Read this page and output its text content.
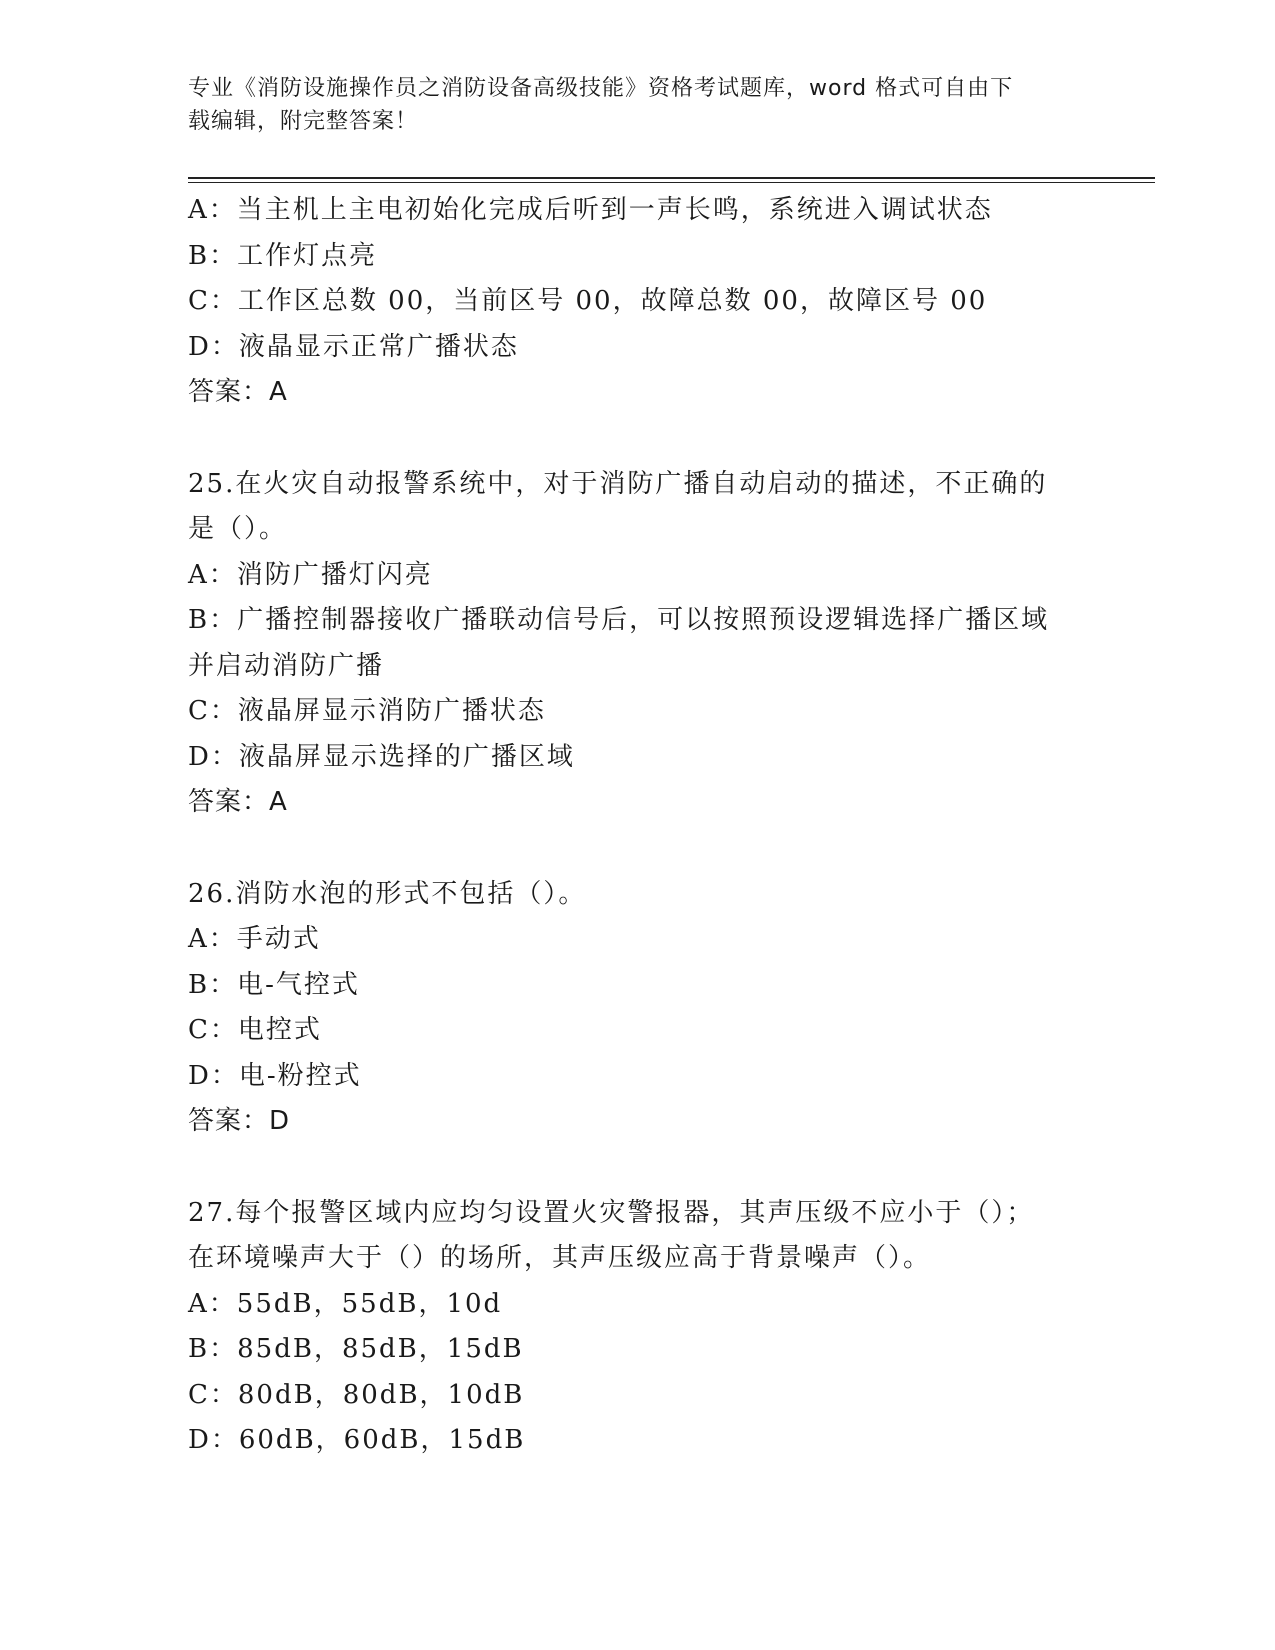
专业《消防设施操作员之消防设备高级技能》资格考试题库，word 格式可自由下
载编辑，附完整答案！
A：当主机上主电初始化完成后听到一声长鸣，系统进入调试状态
B：工作灯点亮
C：工作区总数 00，当前区号 00，故障总数 00，故障区号 00
D：液晶显示正常广播状态
答案：A
25.在火灾自动报警系统中，对于消防广播自动启动的描述，不正确的
是（）。
A：消防广播灯闪亮
B：广播控制器接收广播联动信号后，可以按照预设逻辑选择广播区域
并启动消防广播
C：液晶屏显示消防广播状态
D：液晶屏显示选择的广播区域
答案：A
26.消防水泡的形式不包括（）。
A：手动式
B：电-气控式
C：电控式
D：电-粉控式
答案：D
27.每个报警区域内应均匀设置火灾警报器，其声压级不应小于（）；
在环境噪声大于（）的场所，其声压级应高于背景噪声（）。
A：55dB，55dB，10d
B：85dB，85dB，15dB
C：80dB，80dB，10dB
D：60dB，60dB，15dB
